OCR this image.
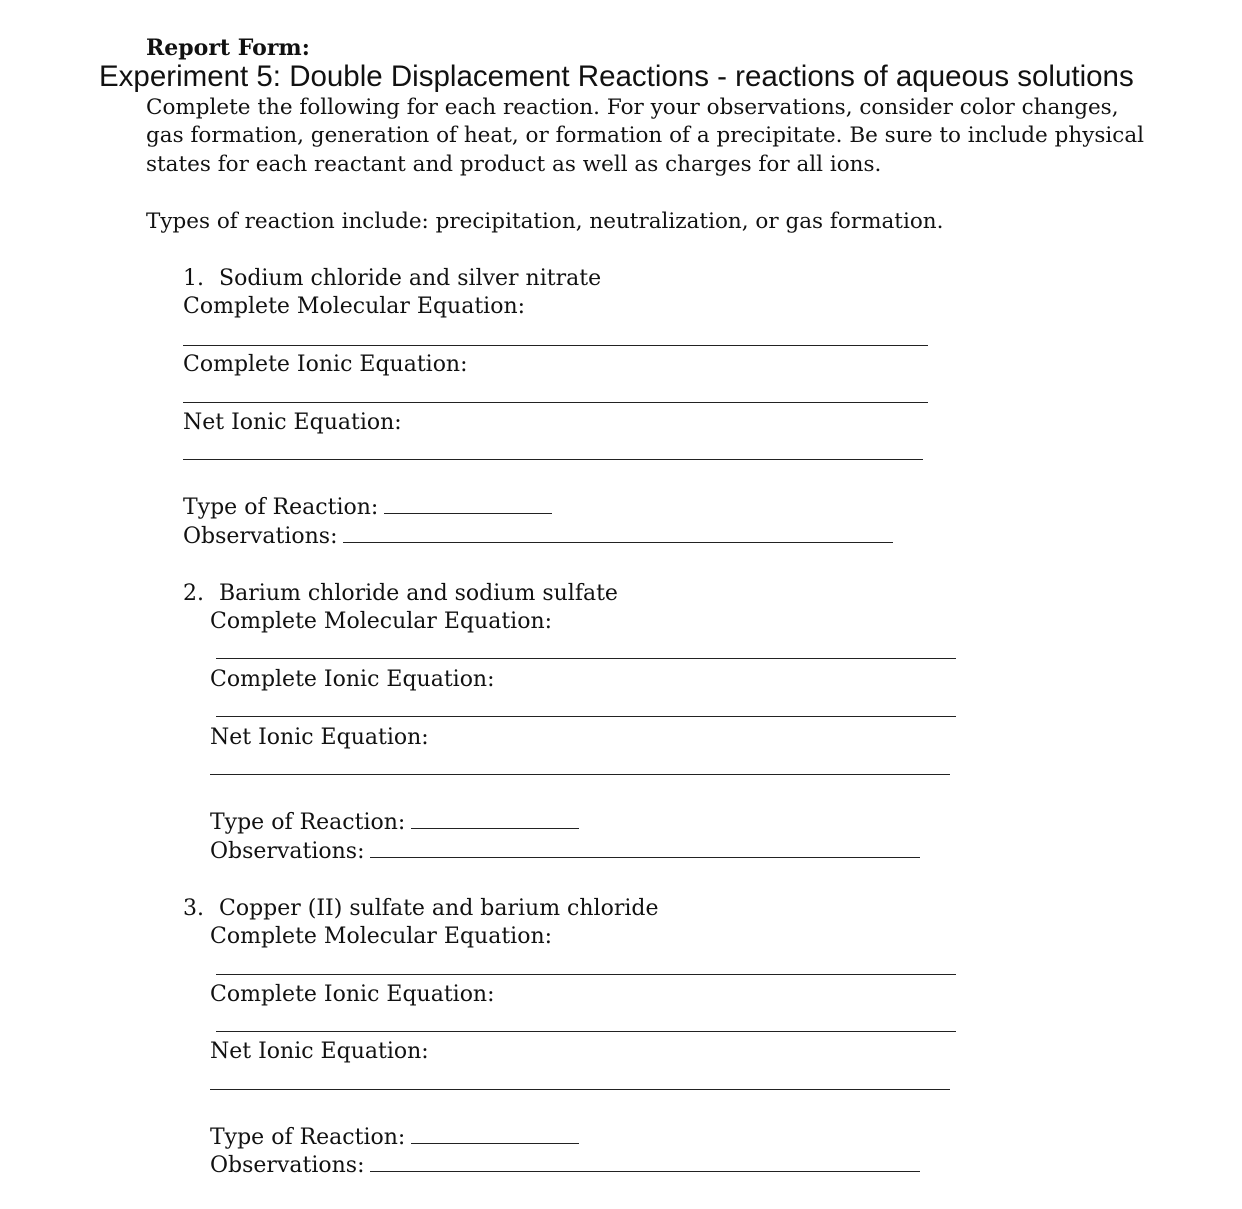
Report Form:
Experiment 5: Double Displacement Reactions - reactions of aqueous solutions
Complete the following for each reaction. For your observations, consider color changes,
gas formation, generation of heat, or formation of a precipitate. Be sure to include physical
states for each reactant and product as well as charges for all ions.
Types of reaction include: precipitation, neutralization, or gas formation.
1. Sodium chloride and silver nitrate
Complete Molecular Equation:
Complete Ionic Equation:
Net Ionic Equation:
Type of Reaction:
Observations:
2. Barium chloride and sodium sulfate
Complete Molecular Equation:
Complete Ionic Equation:
Net Ionic Equation:
Type of Reaction:
Observations:
3. Copper (II) sulfate and barium chloride
Complete Molecular Equation:
Complete Ionic Equation:
Net Ionic Equation:
Type of Reaction:
Observations:
